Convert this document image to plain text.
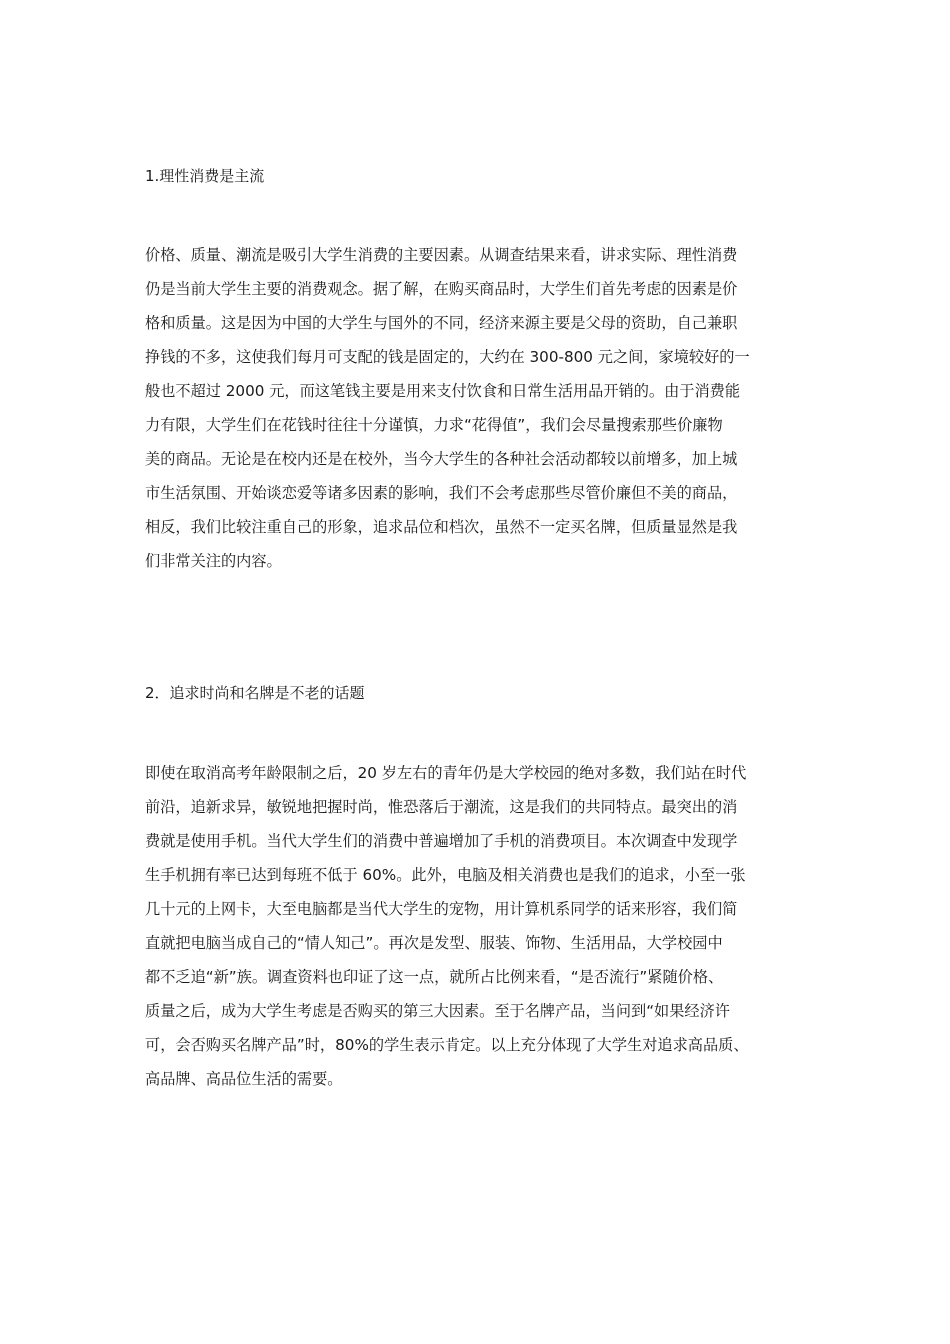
1.理性消费是主流
价格、质量、潮流是吸引大学生消费的主要因素。从调查结果来看，讲求实际、理性消费
仍是当前大学生主要的消费观念。据了解，在购买商品时，大学生们首先考虑的因素是价
格和质量。这是因为中国的大学生与国外的不同，经济来源主要是父母的资助，自己兼职
挣钱的不多，这使我们每月可支配的钱是固定的，大约在 300-800 元之间，家境较好的一
般也不超过 2000 元，而这笔钱主要是用来支付饮食和日常生活用品开销的。由于消费能
力有限，大学生们在花钱时往往十分谨慎，力求“花得值”，我们会尽量搜索那些价廉物
美的商品。无论是在校内还是在校外，当今大学生的各种社会活动都较以前增多，加上城
市生活氛围、开始谈恋爱等诸多因素的影响，我们不会考虑那些尽管价廉但不美的商品，
相反，我们比较注重自己的形象，追求品位和档次，虽然不一定买名牌，但质量显然是我
们非常关注的内容。
2．追求时尚和名牌是不老的话题
即使在取消高考年龄限制之后，20 岁左右的青年仍是大学校园的绝对多数，我们站在时代
前沿，追新求异，敏锐地把握时尚，惟恐落后于潮流，这是我们的共同特点。最突出的消
费就是使用手机。当代大学生们的消费中普遍增加了手机的消费项目。本次调查中发现学
生手机拥有率已达到每班不低于 60%。此外，电脑及相关消费也是我们的追求，小至一张
几十元的上网卡，大至电脑都是当代大学生的宠物，用计算机系同学的话来形容，我们简
直就把电脑当成自己的“情人知己”。再次是发型、服装、饰物、生活用品，大学校园中
都不乏追“新”族。调查资料也印证了这一点，就所占比例来看，“是否流行”紧随价格、
质量之后，成为大学生考虑是否购买的第三大因素。至于名牌产品，当问到“如果经济许
可，会否购买名牌产品”时，80%的学生表示肯定。以上充分体现了大学生对追求高品质、
高品牌、高品位生活的需要。
